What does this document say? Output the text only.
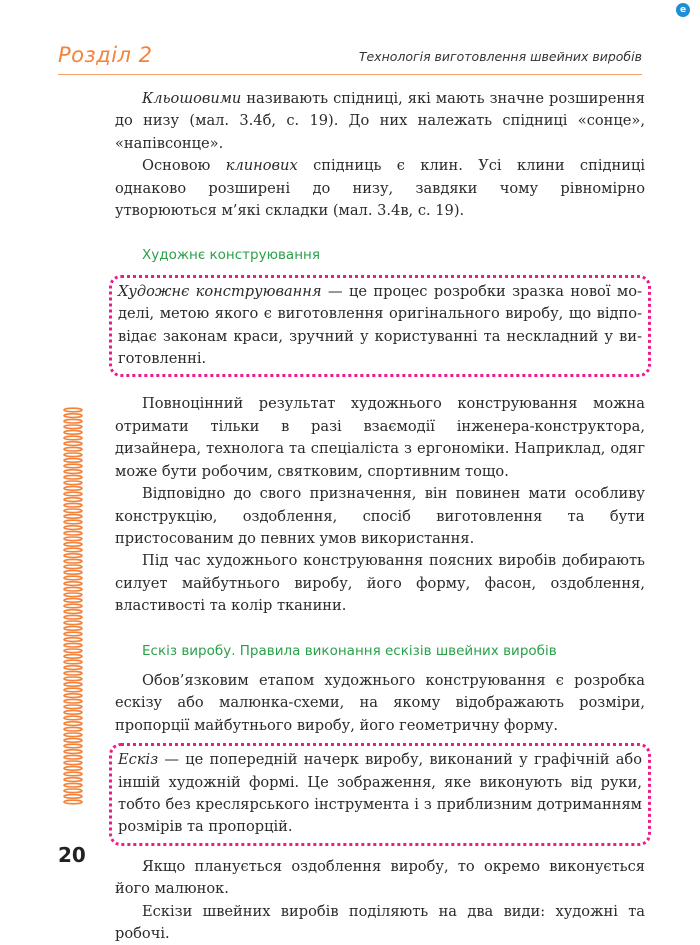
e
Розділ 2	Технологія виготовлення швейних виробів

Кльошовими називають спідниці, які мають значне розширення до низу (мал. 3.4б, с. 19). До них належать спідниці «сонце», «напівсонце».

Основою клинових спідниць є клин. Усі клини спідниці однаково розширені до низу, завдяки чому рівномірно утворюються м’які складки (мал. 3.4в, с. 19).

Художнє конструювання

Художнє конструювання — це процес розробки зразка нової моделі, метою якого є виготовлення оригінального виробу, що відповідає законам краси, зручний у користуванні та нескладний у виготовленні.

Повноцінний результат художнього конструювання можна отримати тільки в разі взаємодії інженера-конструктора, дизайнера, технолога та спеціаліста з ергономіки. Наприклад, одяг може бути робочим, святковим, спортивним тощо.

Відповідно до свого призначення, він повинен мати особливу конструкцію, оздоблення, спосіб виготовлення та бути пристосованим до певних умов використання.

Під час художнього конструювання поясних виробів добирають силует майбутнього виробу, його форму, фасон, оздоблення, властивості та колір тканини.

Ескіз виробу. Правила виконання ескізів швейних виробів

Обов’язковим етапом художнього конструювання є розробка ескізу або малюнка-схеми, на якому відображають розміри, пропорції майбутнього виробу, його геометричну форму.

Ескіз — це попередній начерк виробу, виконаний у графічній або іншій художній формі. Це зображення, яке виконують від руки, тобто без креслярського інструмента і з приблизним дотриманням розмірів та пропорцій.

Якщо планується оздоблення виробу, то окремо виконується його малюнок.

Ескізи швейних виробів поділяють на два види: художні та робочі.

20
